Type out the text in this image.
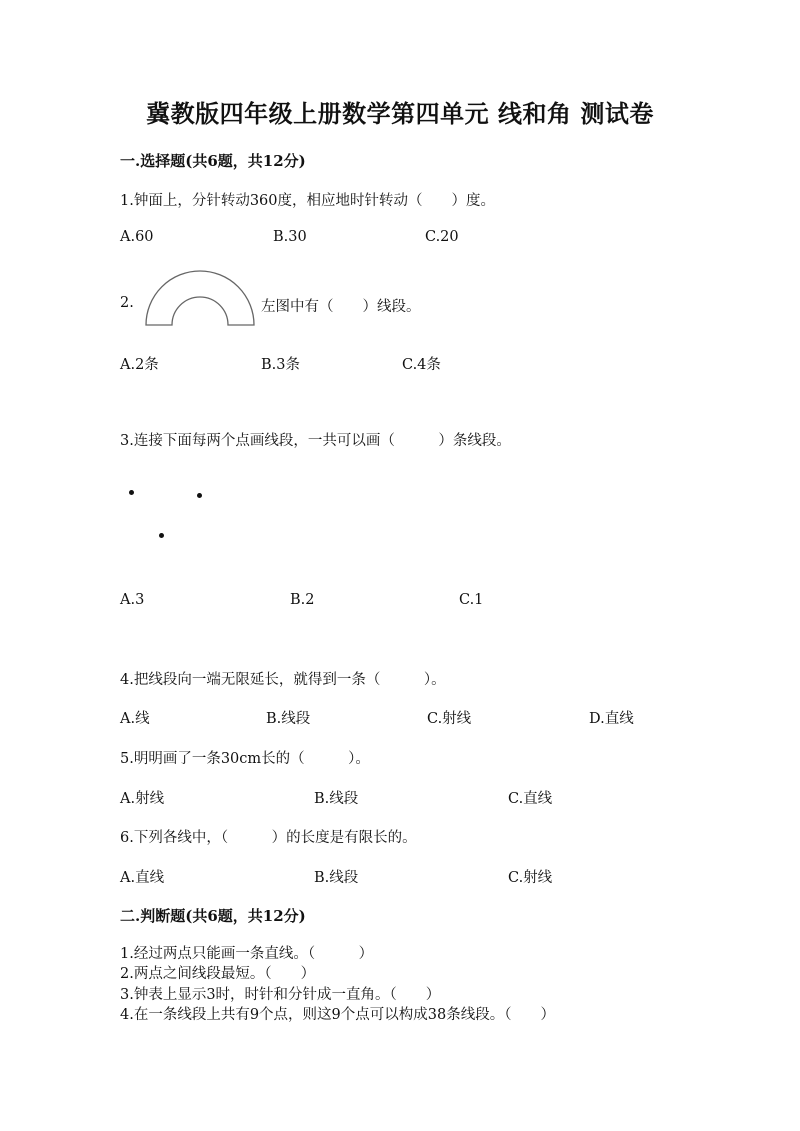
冀教版四年级上册数学第四单元 线和角 测试卷
一.选择题(共6题，共12分)
1.钟面上，分针转动360度，相应地时针转动（　　）度。
A.60	B.30	C.20
2.	左图中有（　　）线段。
A.2条	B.3条	C.4条
3.连接下面每两个点画线段，一共可以画（　　　）条线段。
A.3	B.2	C.1
4.把线段向一端无限延长，就得到一条（　　　）。
A.线	B.线段	C.射线	D.直线
5.明明画了一条30cm长的（　　　）。
A.射线	B.线段	C.直线
6.下列各线中，（　　　）的长度是有限长的。
A.直线	B.线段	C.射线
二.判断题(共6题，共12分)
1.经过两点只能画一条直线。（　　　）
2.两点之间线段最短。（　　）
3.钟表上显示3时，时针和分针成一直角。（　　）
4.在一条线段上共有9个点，则这9个点可以构成38条线段。（　　）
